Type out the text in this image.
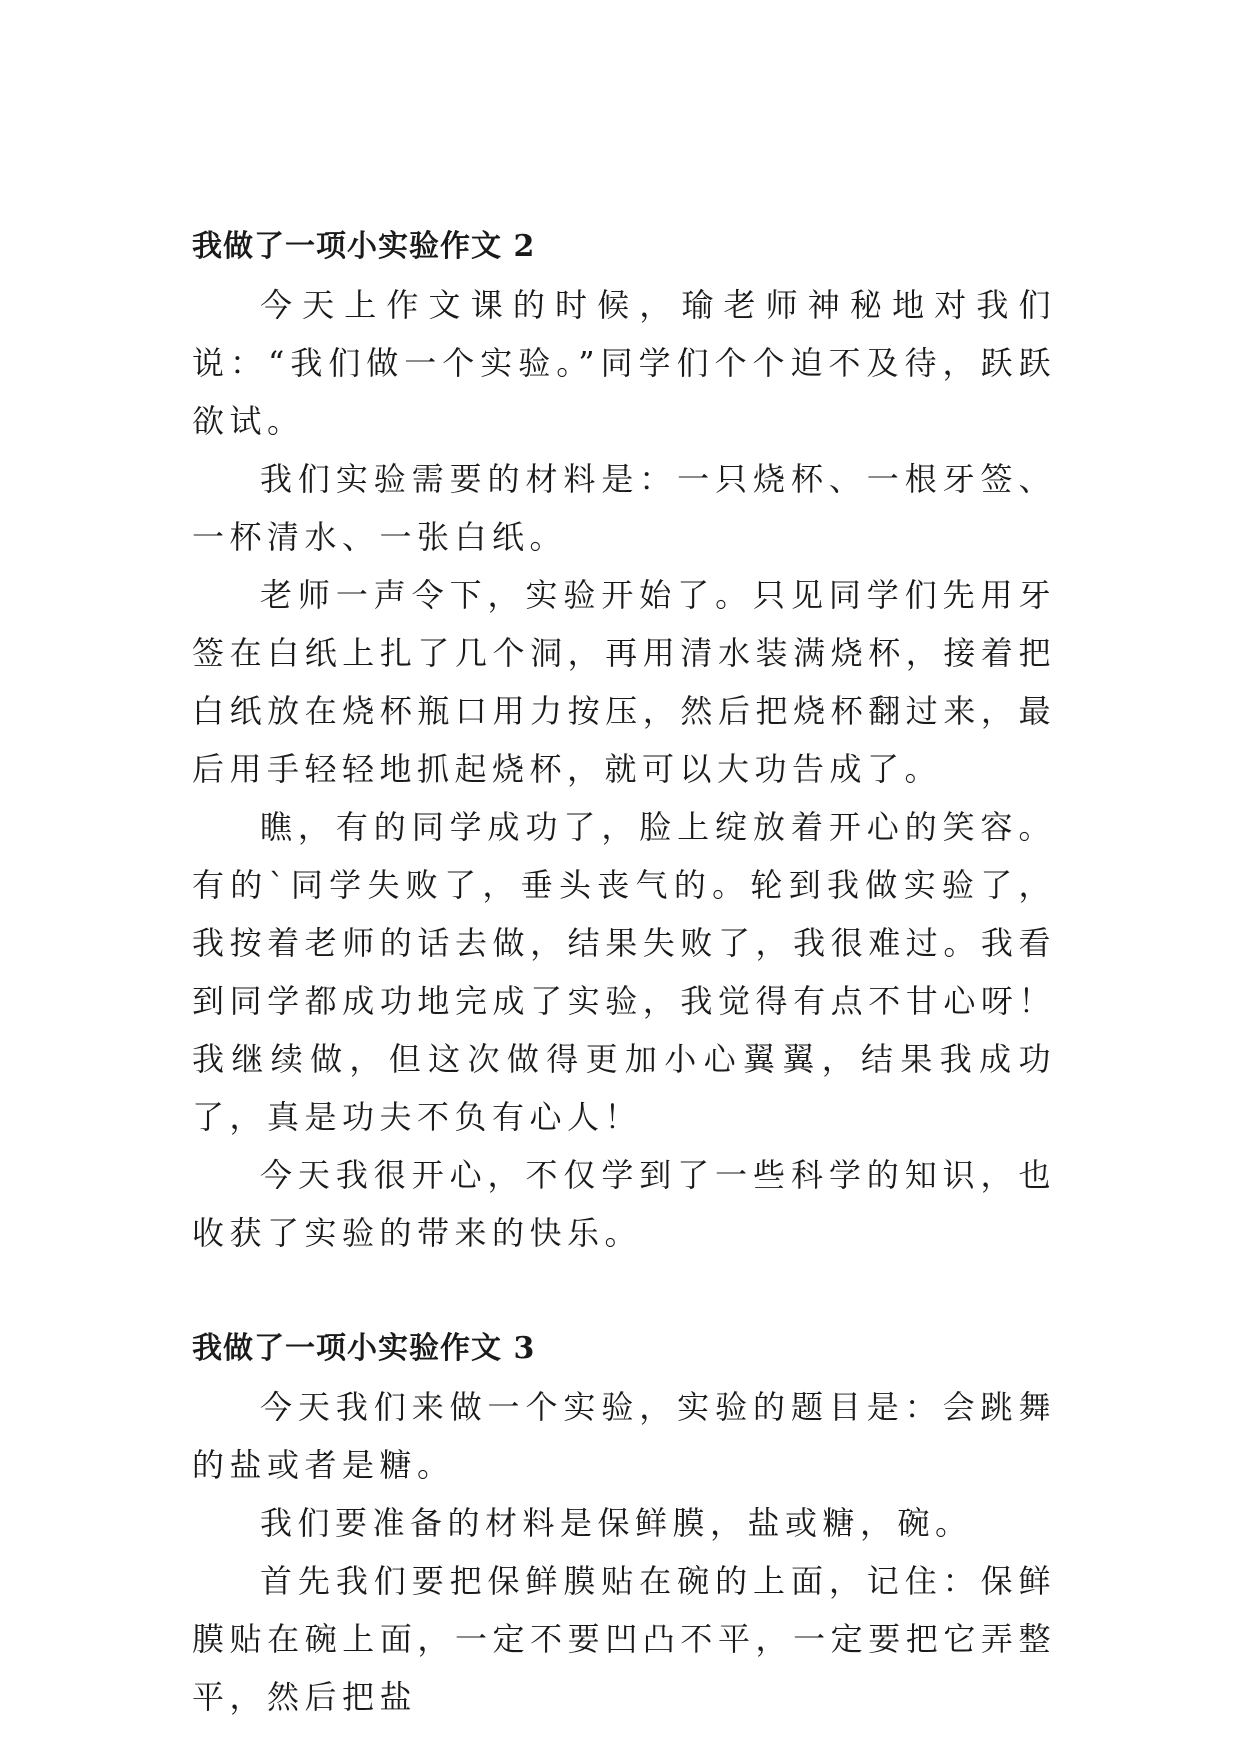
我做了一项小实验作文 2

今天上作文课的时候，瑜老师神秘地对我们说：“我们做一个实验。”同学们个个迫不及待，跃跃欲试。

我们实验需要的材料是：一只烧杯、一根牙签、一杯清水、一张白纸。

老师一声令下，实验开始了。只见同学们先用牙签在白纸上扎了几个洞，再用清水装满烧杯，接着把白纸放在烧杯瓶口用力按压，然后把烧杯翻过来，最后用手轻轻地抓起烧杯，就可以大功告成了。

瞧，有的同学成功了，脸上绽放着开心的笑容。有的`同学失败了，垂头丧气的。轮到我做实验了，我按着老师的话去做，结果失败了，我很难过。我看到同学都成功地完成了实验，我觉得有点不甘心呀！我继续做，但这次做得更加小心翼翼，结果我成功了，真是功夫不负有心人！

今天我很开心，不仅学到了一些科学的知识，也收获了实验的带来的快乐。

我做了一项小实验作文 3

今天我们来做一个实验，实验的题目是：会跳舞的盐或者是糖。

我们要准备的材料是保鲜膜，盐或糖，碗。

首先我们要把保鲜膜贴在碗的上面，记住：保鲜膜贴在碗上面，一定不要凹凸不平，一定要把它弄整平，然后把盐
